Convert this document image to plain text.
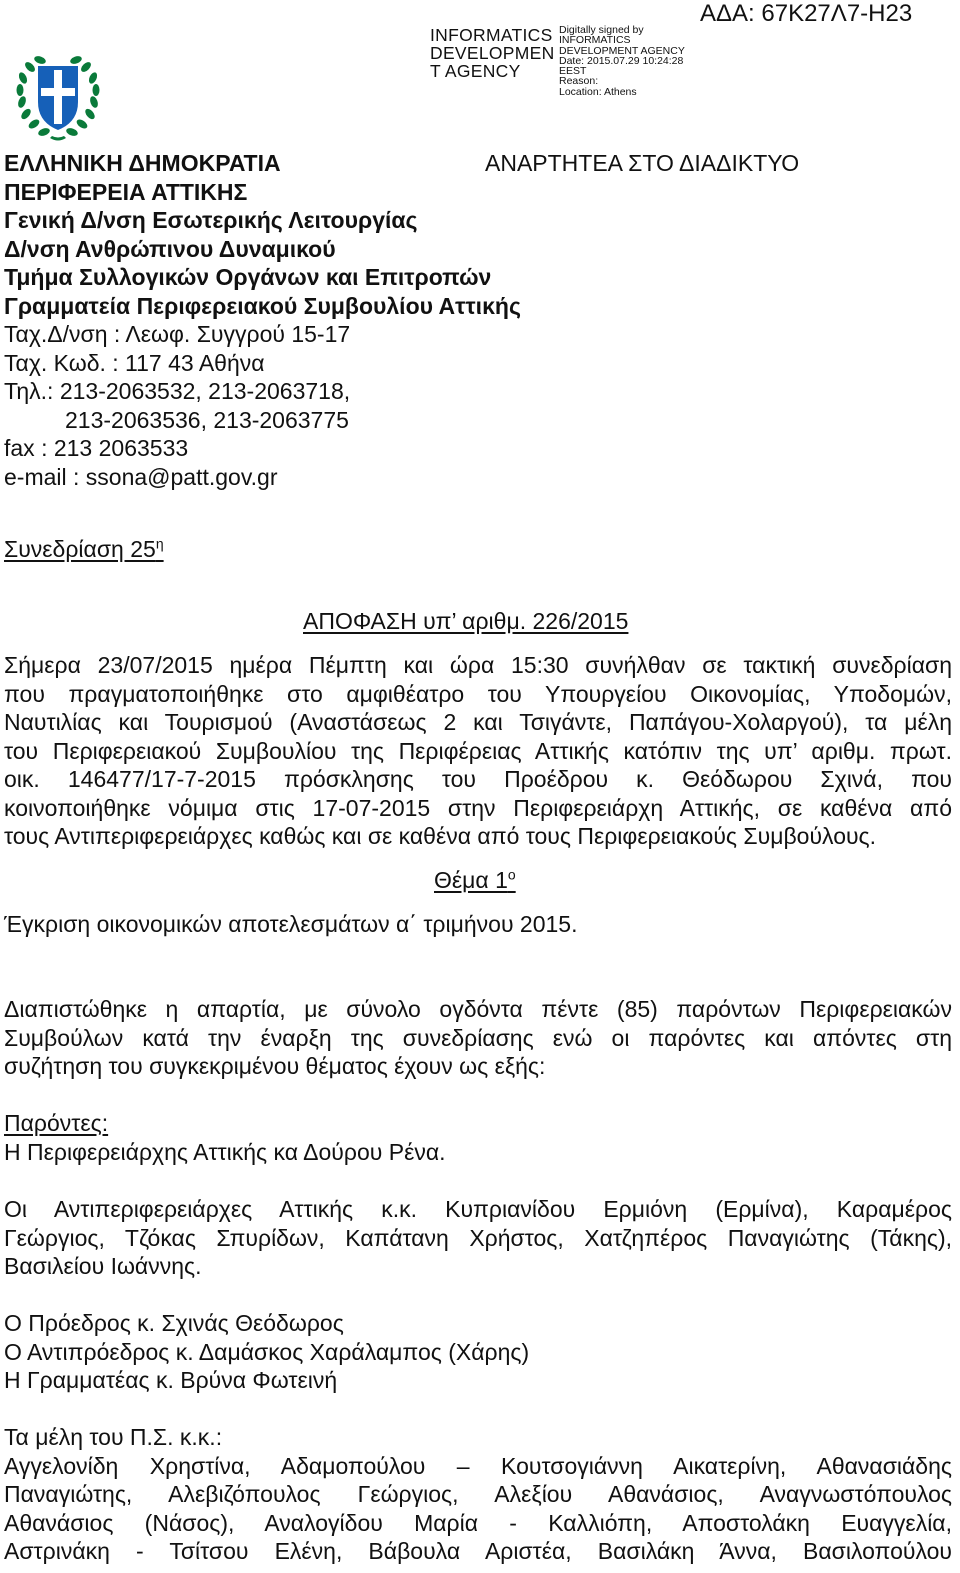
INFORMATICS
DEVELOPMEN
T AGENCY
Digitally signed by
INFORMATICS
DEVELOPMENT AGENCY
Date: 2015.07.29 10:24:28
EEST
Reason:
Location: Athens
ΑΔΑ: 67Κ27Λ7-Η23
ΕΛΛΗΝΙΚΗ ΔΗΜΟΚΡΑΤΙΑ	ΑΝΑΡΤΗΤΕΑ ΣΤΟ ΔΙΑΔΙΚΤΥΟ
ΠΕΡΙΦΕΡΕΙΑ ΑΤΤΙΚΗΣ
Γενική Δ/νση Εσωτερικής Λειτουργίας
Δ/νση Ανθρώπινου Δυναμικού
Τμήμα Συλλογικών Οργάνων και Επιτροπών
Γραμματεία Περιφερειακού Συμβουλίου Αττικής
Ταχ.Δ/νση : Λεωφ. Συγγρού 15-17
Ταχ. Κωδ. : 117 43 Αθήνα
Τηλ.: 213-2063532, 213-2063718,
213-2063536, 213-2063775
fax : 213 2063533
e-mail : ssona@patt.gov.gr
Συνεδρίαση $25^\eta$
ΑΠΟΦΑΣΗ υπ’ αριθμ. 226/2015
Σήμερα 23/07/2015 ημέρα Πέμπτη και ώρα 15:30 συνήλθαν σε τακτική συνεδρίαση
που πραγματοποιήθηκε στο αμφιθέατρο του Υπουργείου Οικονομίας, Υποδομών,
Ναυτιλίας και Τουρισμού (Αναστάσεως 2 και Τσιγάντε, Παπάγου-Χολαργού), τα μέλη
του Περιφερειακού Συμβουλίου της Περιφέρειας Αττικής κατόπιν της υπ’ αριθμ. πρωτ.
οικ. 146477/17-7-2015 πρόσκλησης του Προέδρου κ. Θεόδωρου Σχινά, που
κοινοποιήθηκε νόμιμα στις 17-07-2015 στην Περιφερειάρχη Αττικής, σε καθένα από
τους Αντιπεριφερειάρχες καθώς και σε καθένα από τους Περιφερειακούς Συμβούλους.
Θέμα $1^o$
Έγκριση οικονομικών αποτελεσμάτων α΄ τριμήνου 2015.
Διαπιστώθηκε η απαρτία, με σύνολο ογδόντα πέντε (85) παρόντων Περιφερειακών
Συμβούλων κατά την έναρξη της συνεδρίασης ενώ οι παρόντες και απόντες στη
συζήτηση του συγκεκριμένου θέματος έχουν ως εξής:
Παρόντες:
Η Περιφερειάρχης Αττικής κα Δούρου Ρένα.
Οι Αντιπεριφερειάρχες Αττικής κ.κ. Κυπριανίδου Ερμιόνη (Ερμίνα), Καραμέρος
Γεώργιος, Τζόκας Σπυρίδων, Καπάτανη Χρήστος, Χατζηπέρος Παναγιώτης (Τάκης),
Βασιλείου Ιωάννης.
Ο Πρόεδρος κ. Σχινάς Θεόδωρος
Ο Αντιπρόεδρος κ. Δαμάσκος Χαράλαμπος (Χάρης)
Η Γραμματέας κ. Βρύνα Φωτεινή
Τα μέλη του Π.Σ. κ.κ.:
Αγγελονίδη Χρηστίνα, Αδαμοπούλου – Κουτσογιάννη Αικατερίνη, Αθανασιάδης
Παναγιώτης, Αλεβιζόπουλος Γεώργιος, Αλεξίου Αθανάσιος, Αναγνωστόπουλος
Αθανάσιος (Νάσος), Αναλογίδου Μαρία - Καλλιόπη, Αποστολάκη Ευαγγελία,
Αστρινάκη - Τσίτσου Ελένη, Βάβουλα Αριστέα, Βασιλάκη Άννα, Βασιλοπούλου
